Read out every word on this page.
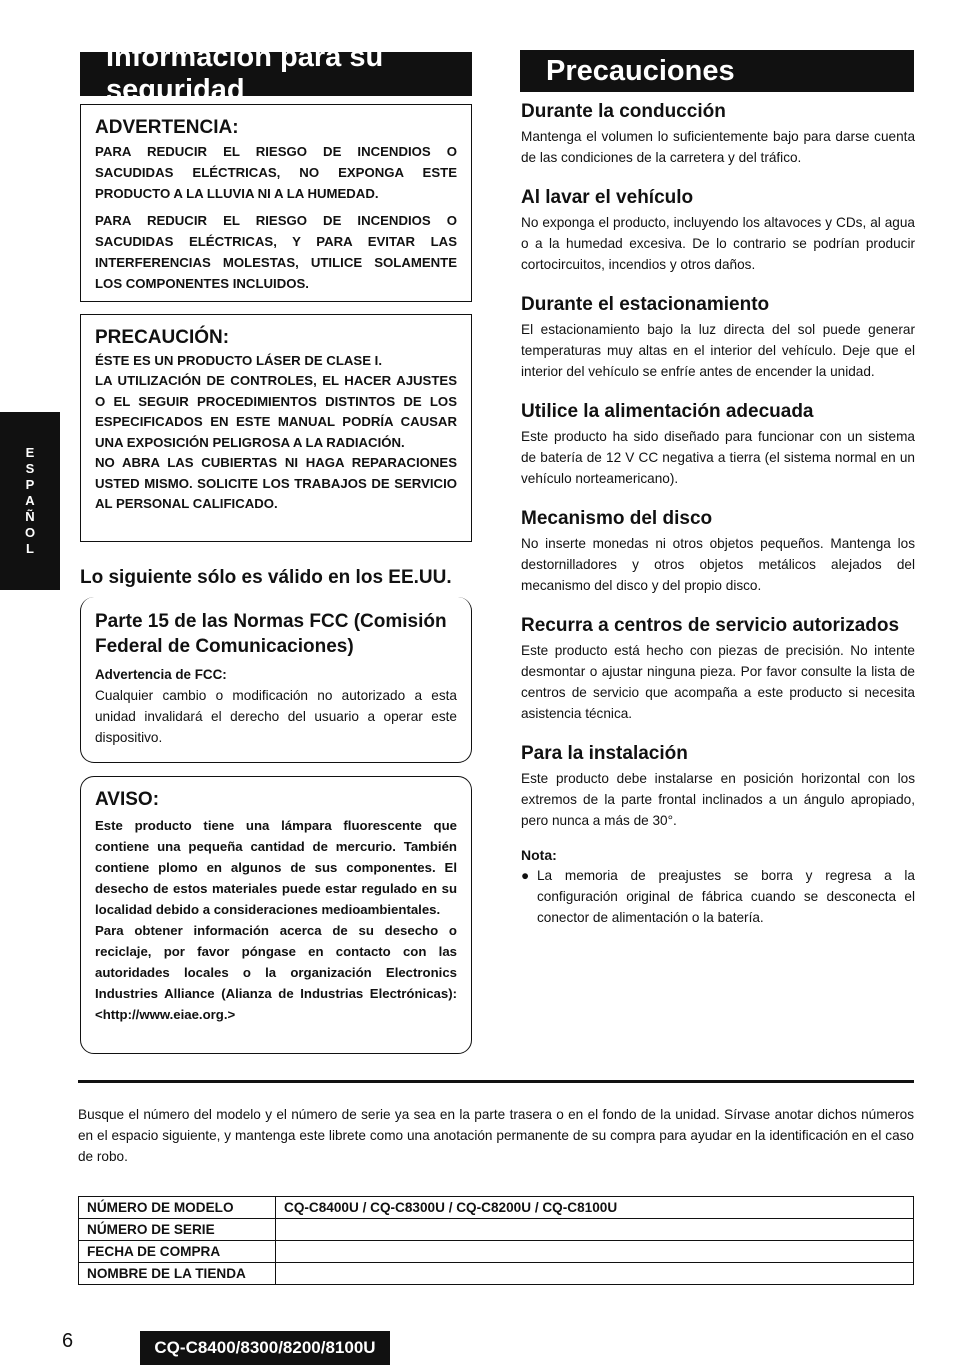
E
S
P
A
Ñ
O
L
Información para su seguridad
Precauciones
ADVERTENCIA:
PARA REDUCIR EL RIESGO DE INCENDIOS O SACUDIDAS ELÉCTRICAS, NO EXPONGA ESTE PRODUCTO A LA LLUVIA NI A LA HUMEDAD.
PARA REDUCIR EL RIESGO DE INCENDIOS O SACUDIDAS ELÉCTRICAS, Y PARA EVITAR LAS INTERFERENCIAS MOLESTAS, UTILICE SOLAMENTE LOS COMPONENTES INCLUIDOS.
PRECAUCIÓN:
ÉSTE ES UN PRODUCTO LÁSER DE CLASE I.
LA UTILIZACIÓN DE CONTROLES, EL HACER AJUSTES O EL SEGUIR PROCEDIMIENTOS DISTINTOS DE LOS ESPECIFICADOS EN ESTE MANUAL PODRÍA CAUSAR UNA EXPOSICIÓN PELIGROSA A LA RADIACIÓN.
NO ABRA LAS CUBIERTAS NI HAGA REPARACIONES USTED MISMO. SOLICITE LOS TRABAJOS DE SERVICIO AL PERSONAL CALIFICADO.
Lo siguiente sólo es válido en los EE.UU.
Parte 15 de las Normas FCC (Comisión Federal de Comunicaciones)
Advertencia de FCC:
Cualquier cambio o modificación no autorizado a esta unidad invalidará el derecho del usuario a operar este dispositivo.
AVISO:
Este producto tiene una lámpara fluorescente que contiene una pequeña cantidad de mercurio. También contiene plomo en algunos de sus componentes. El desecho de estos materiales puede estar regulado en su localidad debido a consideraciones medioambientales.
Para obtener información acerca de su desecho o reciclaje, por favor póngase en contacto con las autoridades locales o la organización Electronics Industries Alliance (Alianza de Industrias Electrónicas): <http://www.eiae.org.>
Durante la conducción

Mantenga el volumen lo suficientemente bajo para darse cuenta de las condiciones de la carretera y del tráfico.

Al lavar el vehículo

No exponga el producto, incluyendo los altavoces y CDs, al agua o a la humedad excesiva. De lo contrario se podrían producir cortocircuitos, incendios y otros daños.

Durante el estacionamiento

El estacionamiento bajo la luz directa del sol puede generar temperaturas muy altas en el interior del vehículo. Deje que el interior del vehículo se enfríe antes de encender la unidad.

Utilice la alimentación adecuada

Este producto ha sido diseñado para funcionar con un sistema de batería de 12 V CC negativa a tierra (el sistema normal en un vehículo norteamericano).

Mecanismo del disco

No inserte monedas ni otros objetos pequeños. Mantenga los destornilladores y otros objetos metálicos alejados del mecanismo del disco y del propio disco.

Recurra a centros de servicio autorizados

Este producto está hecho con piezas de precisión. No intente desmontar o ajustar ninguna pieza. Por favor consulte la lista de centros de servicio que acompaña a este producto si necesita asistencia técnica.

Para la instalación

Este producto debe instalarse en posición horizontal con los extremos de la parte frontal inclinados a un ángulo apropiado, pero nunca a más de 30°.

Nota:
● La memoria de preajustes se borra y regresa a la configuración original de fábrica cuando se desconecta el conector de alimentación o la batería.
Busque el número del modelo y el número de serie ya sea en la parte trasera o en el fondo de la unidad. Sírvase anotar dichos números en el espacio siguiente, y mantenga este librete como una anotación permanente de su compra para ayudar en la identificación en el caso de robo.
NÚMERO DE MODELO	CQ-C8400U / CQ-C8300U / CQ-C8200U / CQ-C8100U
NÚMERO DE SERIE	
FECHA DE COMPRA	
NOMBRE DE LA TIENDA	
6	CQ-C8400/8300/8200/8100U
